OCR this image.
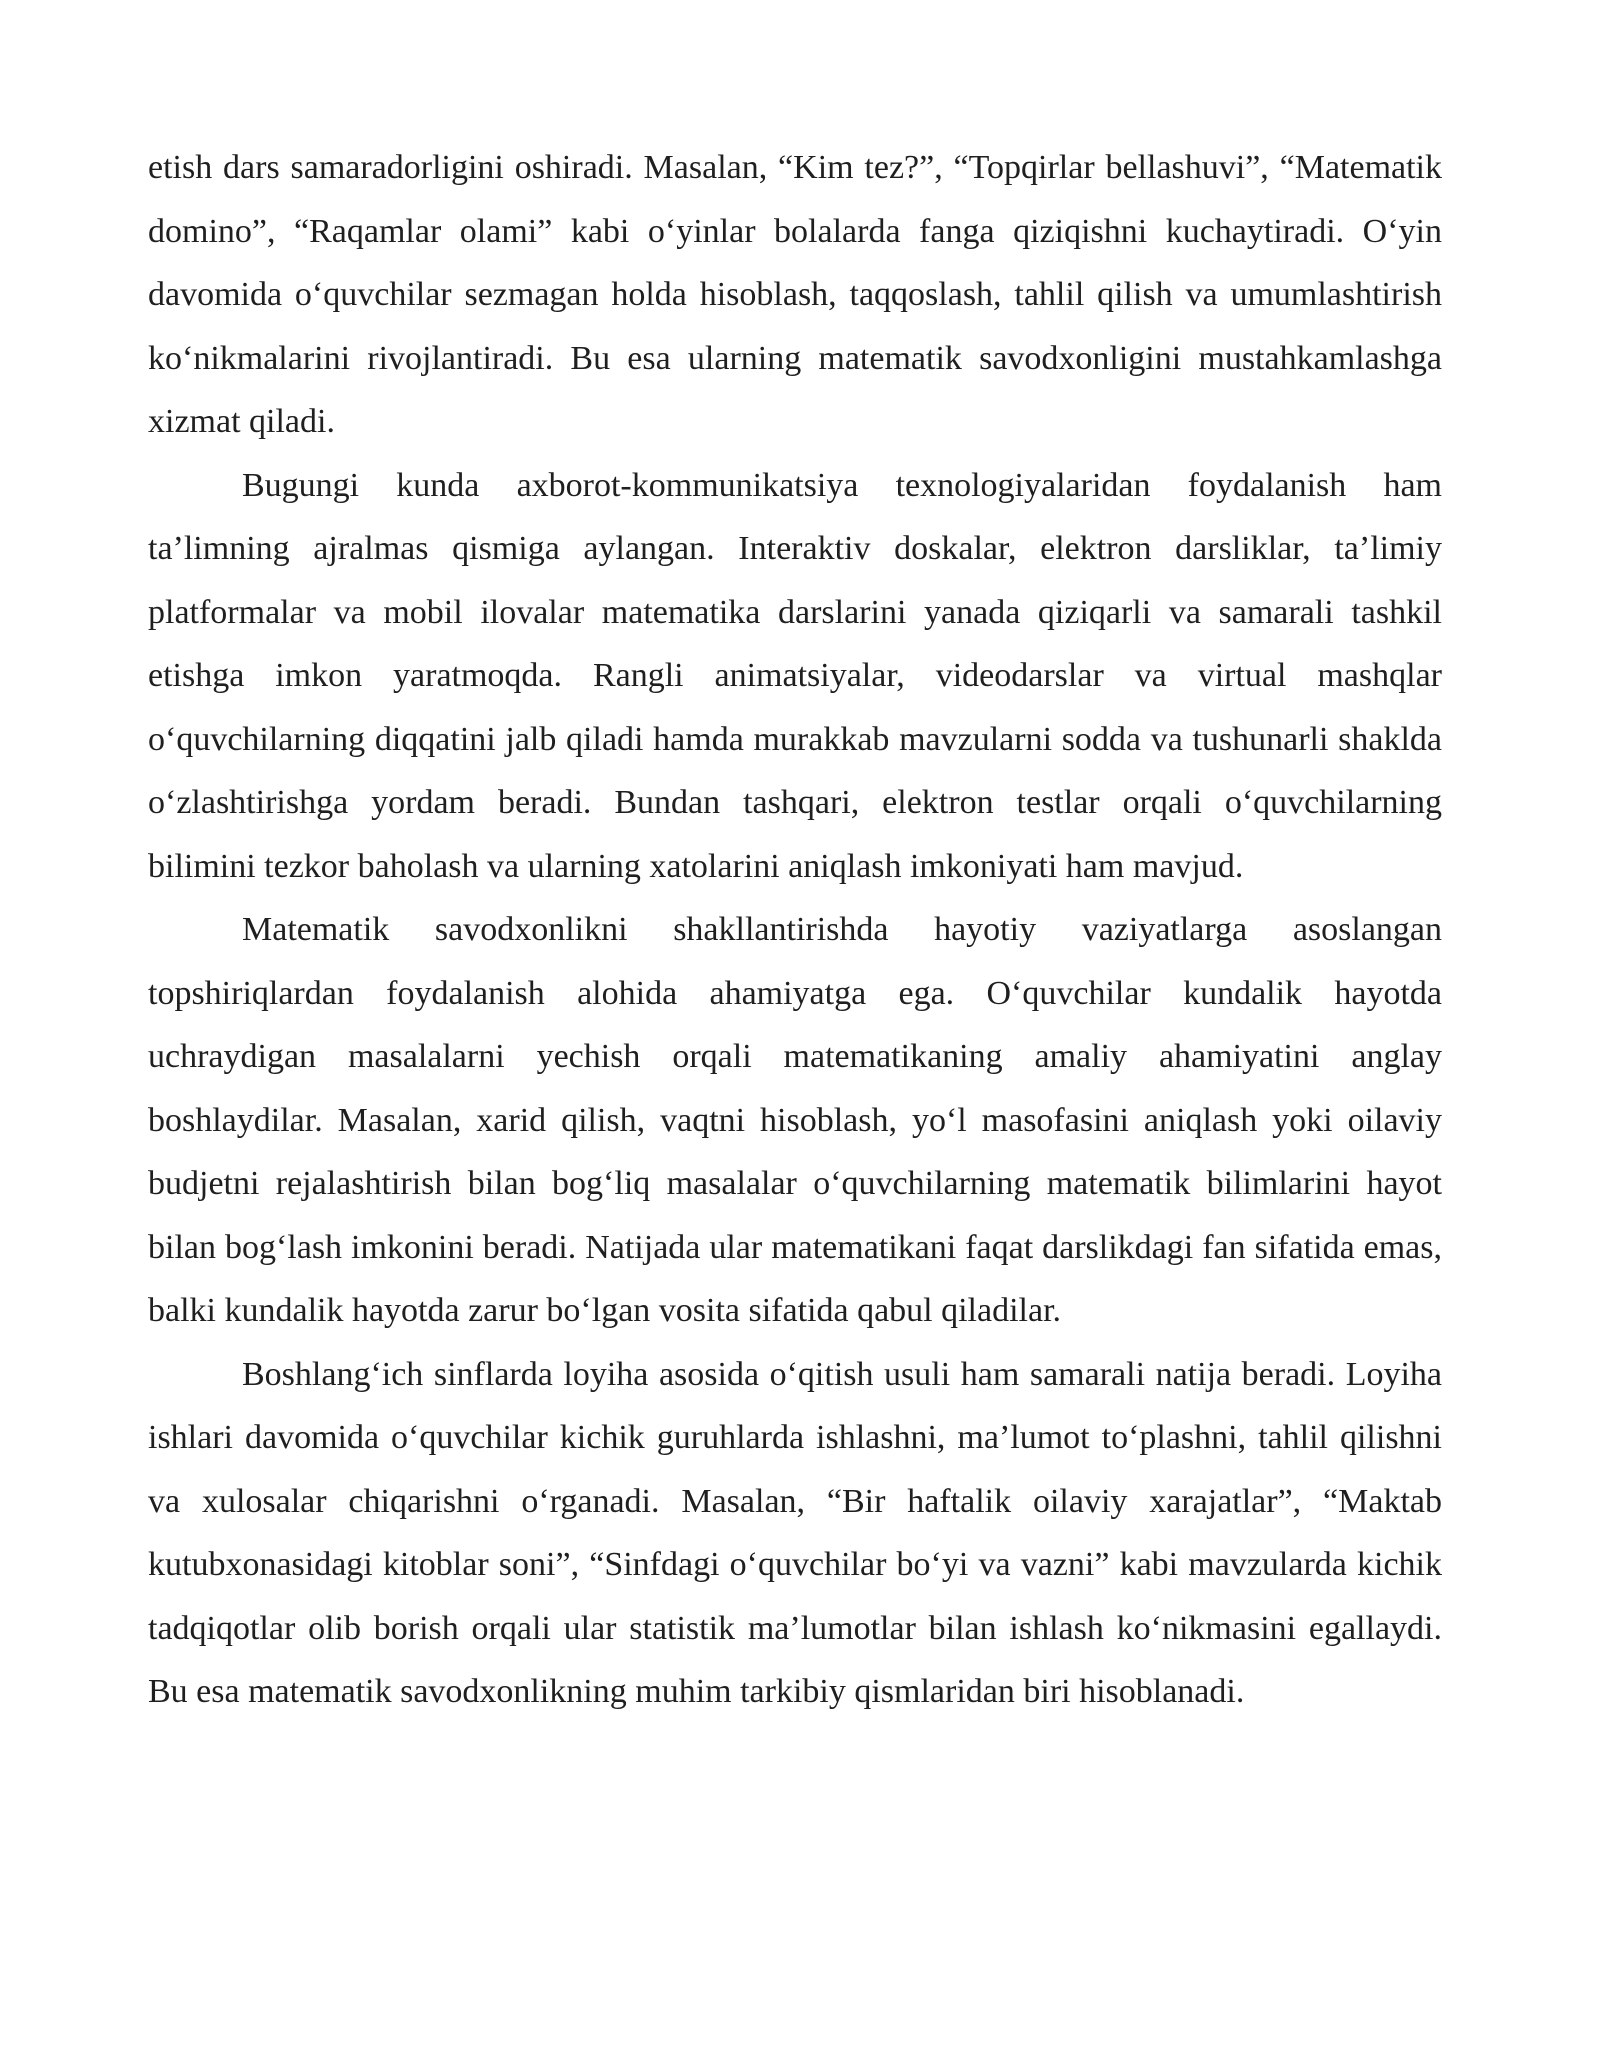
etish dars samaradorligini oshiradi. Masalan, “Kim tez?”, “Topqirlar bellashuvi”, “Matematik domino”, “Raqamlar olami” kabi oʻyinlar bolalarda fanga qiziqishni kuchaytiradi. Oʻyin davomida oʻquvchilar sezmagan holda hisoblash, taqqoslash, tahlil qilish va umumlashtirish koʻnikmalarini rivojlantiradi. Bu esa ularning matematik savodxonligini mustahkamlashga xizmat qiladi.

Bugungi kunda axborot-kommunikatsiya texnologiyalaridan foydalanish ham ta’limning ajralmas qismiga aylangan. Interaktiv doskalar, elektron darsliklar, ta’limiy platformalar va mobil ilovalar matematika darslarini yanada qiziqarli va samarali tashkil etishga imkon yaratmoqda. Rangli animatsiyalar, videodarslar va virtual mashqlar oʻquvchilarning diqqatini jalb qiladi hamda murakkab mavzularni sodda va tushunarli shaklda oʻzlashtirishga yordam beradi. Bundan tashqari, elektron testlar orqali oʻquvchilarning bilimini tezkor baholash va ularning xatolarini aniqlash imkoniyati ham mavjud.

Matematik savodxonlikni shakllantirishda hayotiy vaziyatlarga asoslangan topshiriqlardan foydalanish alohida ahamiyatga ega. Oʻquvchilar kundalik hayotda uchraydigan masalalarni yechish orqali matematikaning amaliy ahamiyatini anglay boshlaydilar. Masalan, xarid qilish, vaqtni hisoblash, yoʻl masofasini aniqlash yoki oilaviy budjetni rejalashtirish bilan bogʻliq masalalar oʻquvchilarning matematik bilimlarini hayot bilan bogʻlash imkonini beradi. Natijada ular matematikani faqat darslikdagi fan sifatida emas, balki kundalik hayotda zarur boʻlgan vosita sifatida qabul qiladilar.

Boshlangʻich sinflarda loyiha asosida oʻqitish usuli ham samarali natija beradi. Loyiha ishlari davomida oʻquvchilar kichik guruhlarda ishlashni, ma’lumot toʻplashni, tahlil qilishni va xulosalar chiqarishni oʻrganadi. Masalan, “Bir haftalik oilaviy xarajatlar”, “Maktab kutubxonasidagi kitoblar soni”, “Sinfdagi oʻquvchilar boʻyi va vazni” kabi mavzularda kichik tadqiqotlar olib borish orqali ular statistik ma’lumotlar bilan ishlash koʻnikmasini egallaydi. Bu esa matematik savodxonlikning muhim tarkibiy qismlaridan biri hisoblanadi.
